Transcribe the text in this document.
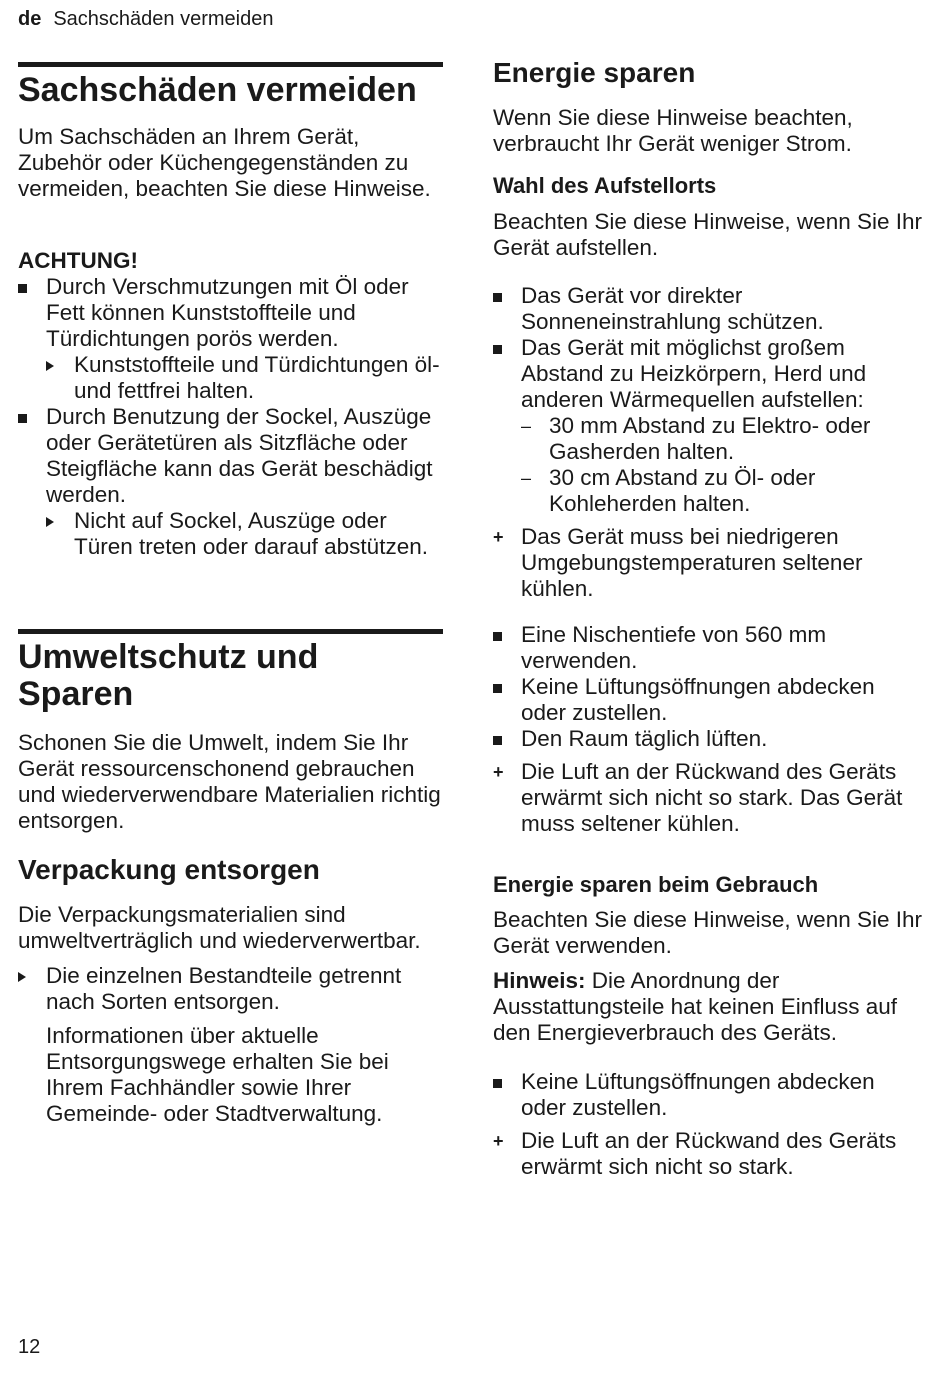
de Sachschäden vermeiden
Sachschäden vermeiden

Um Sachschäden an Ihrem Gerät, Zubehör oder Küchengegenständen zu vermeiden, beachten Sie diese Hinweise.

ACHTUNG!
Durch Verschmutzungen mit Öl oder Fett können Kunststoffteile und Türdichtungen porös werden.
Kunststoffteile und Türdichtungen öl- und fettfrei halten.
Durch Benutzung der Sockel, Auszüge oder Gerätetüren als Sitzfläche oder Steigfläche kann das Gerät beschädigt werden.
Nicht auf Sockel, Auszüge oder Türen treten oder darauf abstützen.
Umweltschutz und Sparen

Schonen Sie die Umwelt, indem Sie Ihr Gerät ressourcenschonend gebrauchen und wiederverwendbare Materialien richtig entsorgen.

Verpackung entsorgen

Die Verpackungsmaterialien sind umweltverträglich und wiederverwertbar.

Die einzelnen Bestandteile getrennt nach Sorten entsorgen.

Informationen über aktuelle Entsorgungswege erhalten Sie bei Ihrem Fachhändler sowie Ihrer Gemeinde- oder Stadtverwaltung.

Energie sparen

Wenn Sie diese Hinweise beachten, verbraucht Ihr Gerät weniger Strom.

Wahl des Aufstellorts

Beachten Sie diese Hinweise, wenn Sie Ihr Gerät aufstellen.

Das Gerät vor direkter Sonneneinstrahlung schützen.
Das Gerät mit möglichst großem Abstand zu Heizkörpern, Herd und anderen Wärmequellen aufstellen:
– 30 mm Abstand zu Elektro- oder Gasherden halten.
– 30 cm Abstand zu Öl- oder Kohleherden halten.
+ Das Gerät muss bei niedrigeren Umgebungstemperaturen seltener kühlen.
Eine Nischentiefe von 560 mm verwenden.
Keine Lüftungsöffnungen abdecken oder zustellen.
Den Raum täglich lüften.
+ Die Luft an der Rückwand des Geräts erwärmt sich nicht so stark. Das Gerät muss seltener kühlen.
Energie sparen beim Gebrauch

Beachten Sie diese Hinweise, wenn Sie Ihr Gerät verwenden.

Hinweis: Die Anordnung der Ausstattungsteile hat keinen Einfluss auf den Energieverbrauch des Geräts.

Keine Lüftungsöffnungen abdecken oder zustellen.
+ Die Luft an der Rückwand des Geräts erwärmt sich nicht so stark.
12
